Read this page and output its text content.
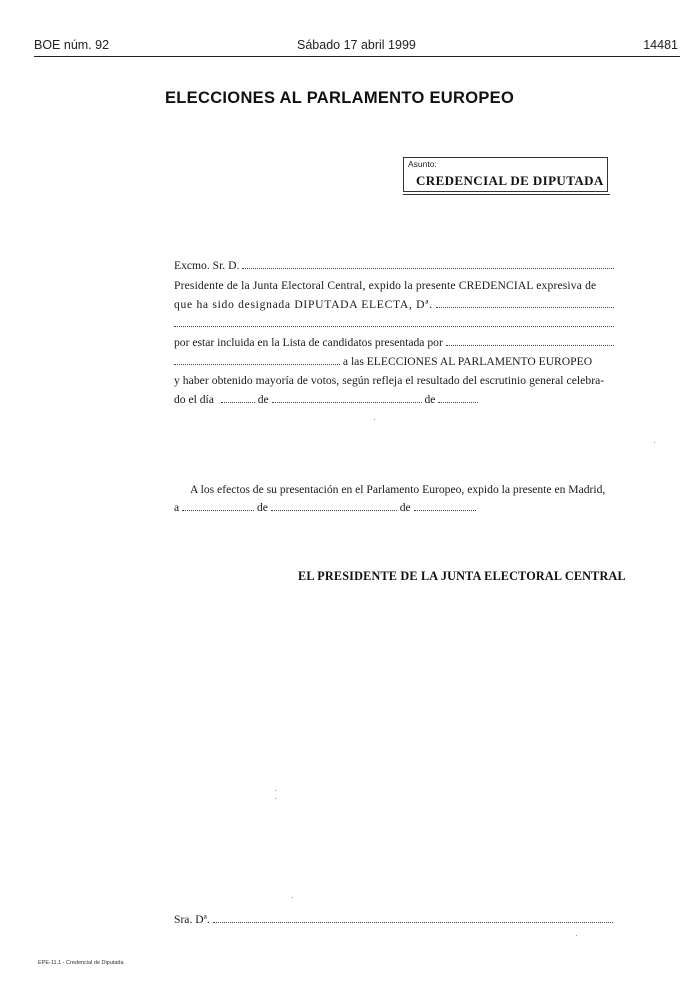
BOE núm. 92	Sábado 17 abril 1999	14481
ELECCIONES AL PARLAMENTO EUROPEO
Asunto:
CREDENCIAL DE DIPUTADA
Excmo. Sr. D.
Presidente de la Junta Electoral Central, expido la presente CREDENCIAL expresiva de
que ha sido designada DIPUTADA ELECTA, Dª.
por estar incluida en la Lista de candidatos presentada por
a las ELECCIONES AL PARLAMENTO EUROPEO
y haber obtenido mayoría de votos, según refleja el resultado del escrutinio general celebra-
do el día	de	de
A los efectos de su presentación en el Parlamento Europeo, expido la presente en Madrid,
a	de	de
EL PRESIDENTE DE LA JUNTA ELECTORAL CENTRAL
Sra. Dª.
EPE-11.1 - Credencial de Diputada
